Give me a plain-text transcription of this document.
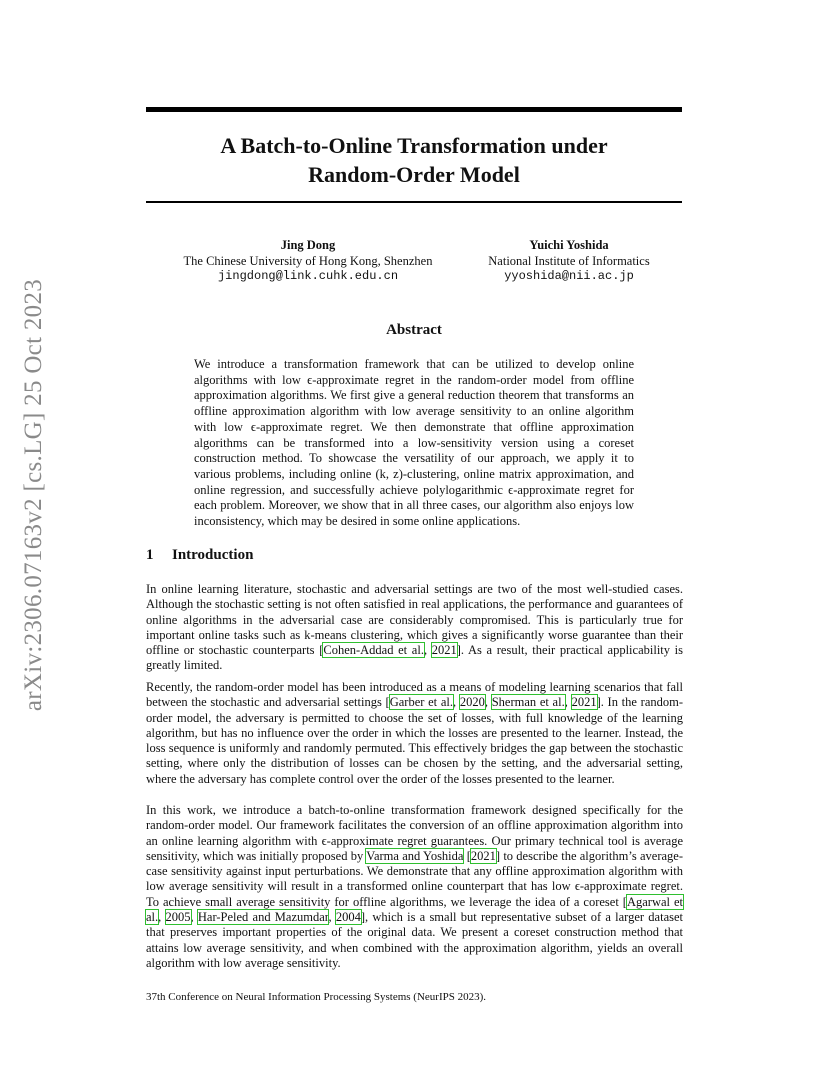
arXiv:2306.07163v2 [cs.LG] 25 Oct 2023
A Batch-to-Online Transformation under
Random-Order Model
Jing Dong
The Chinese University of Hong Kong, Shenzhen
jingdong@link.cuhk.edu.cn
Yuichi Yoshida
National Institute of Informatics
yyoshida@nii.ac.jp
Abstract

We introduce a transformation framework that can be utilized to develop online algorithms with low ϵ-approximate regret in the random-order model from offline approximation algorithms. We first give a general reduction theorem that transforms an offline approximation algorithm with low average sensitivity to an online algorithm with low ϵ-approximate regret. We then demonstrate that offline approximation algorithms can be transformed into a low-sensitivity version using a coreset construction method. To showcase the versatility of our approach, we apply it to various problems, including online (k, z)-clustering, online matrix approximation, and online regression, and successfully achieve polylogarithmic ϵ-approximate regret for each problem. Moreover, we show that in all three cases, our algorithm also enjoys low inconsistency, which may be desired in some online applications.

1 Introduction

In online learning literature, stochastic and adversarial settings are two of the most well-studied cases. Although the stochastic setting is not often satisfied in real applications, the performance and guarantees of online algorithms in the adversarial case are considerably compromised. This is particularly true for important online tasks such as k-means clustering, which gives a significantly worse guarantee than their offline or stochastic counterparts [Cohen-Addad et al., 2021]. As a result, their practical applicability is greatly limited.

Recently, the random-order model has been introduced as a means of modeling learning scenarios that fall between the stochastic and adversarial settings [Garber et al., 2020, Sherman et al., 2021]. In the random-order model, the adversary is permitted to choose the set of losses, with full knowledge of the learning algorithm, but has no influence over the order in which the losses are presented to the learner. Instead, the loss sequence is uniformly and randomly permuted. This effectively bridges the gap between the stochastic setting, where only the distribution of losses can be chosen by the setting, and the adversarial setting, where the adversary has complete control over the order of the losses presented to the learner.

In this work, we introduce a batch-to-online transformation framework designed specifically for the random-order model. Our framework facilitates the conversion of an offline approximation algorithm into an online learning algorithm with ϵ-approximate regret guarantees. Our primary technical tool is average sensitivity, which was initially proposed by Varma and Yoshida [2021] to describe the algorithm’s average-case sensitivity against input perturbations. We demonstrate that any offline approximation algorithm with low average sensitivity will result in a transformed online counterpart that has low ϵ-approximate regret. To achieve small average sensitivity for offline algorithms, we leverage the idea of a coreset [Agarwal et al., 2005, Har-Peled and Mazumdar, 2004], which is a small but representative subset of a larger dataset that preserves important properties of the original data. We present a coreset construction method that attains low average sensitivity, and when combined with the approximation algorithm, yields an overall algorithm with low average sensitivity.

37th Conference on Neural Information Processing Systems (NeurIPS 2023).
